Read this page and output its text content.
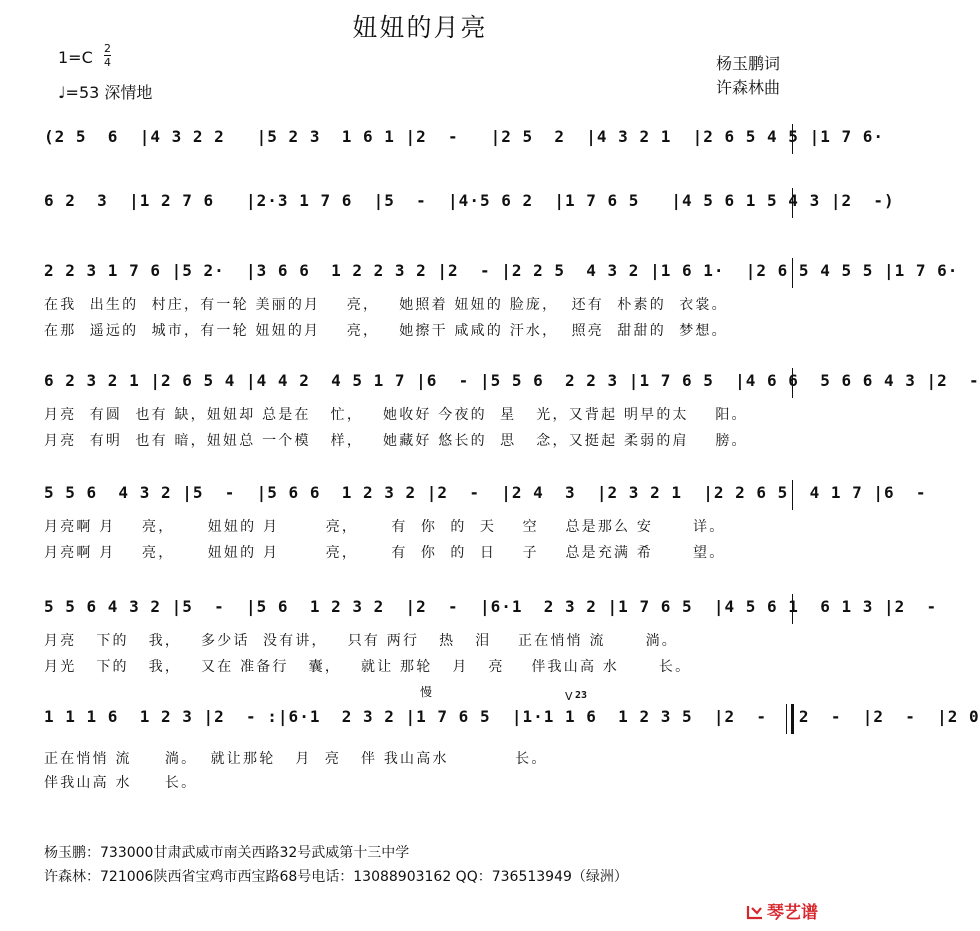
妞妞的月亮
1=C 2
4
♩=53 深情地
杨玉鹏词
许森林曲
(2 5  6  |4 3 2 2   |5 2 3  1 6 1 |2  -   |2 5  2  |4 3 2 1  |2 6 5 4 5 |1 7 6·
6 2  3  |1 2 7 6   |2·3 1 7 6  |5  -  |4·5 6 2  |1 7 6 5   |4 5 6 1 5 4 3 |2  -)
2 2 3 1 7 6 |5 2·  |3 6 6  1 2 2 3 2 |2  - |2 2 5  4 3 2 |1 6 1·  |2 6 5 4 5 5 |1 7 6·
6 2 3 2 1 |2 6 5 4 |4 4 2  4 5 1 7 |6  - |5 5 6  2 2 3 |1 7 6 5  |4 6 6  5 6 6 4 3 |2  -
5 5 6  4 3 2 |5  -  |5 6 6  1 2 3 2 |2  -  |2 4  3  |2 3 2 1  |2 2 6 5  4 1 7 |6  -
5 5 6 4 3 2 |5  -  |5 6  1 2 3 2  |2  -  |6·1  2 3 2 |1 7 6 5  |4 5 6 1  6 1 3 |2  -
1 1 1 6  1 2 3 |2  - :|6·1  2 3 2 |1 7 6 5  |1·1 1 6  1 2 3 5  |2  -  |2  -  |2  -  |2 0
慢	V 23
在我  出生的  村庄，有一轮 美丽的月    亮，   她照着 妞妞的 脸庞，  还有  朴素的  衣裳。
在那  遥远的  城市，有一轮 妞妞的月    亮，   她擦干 咸咸的 汗水，  照亮  甜甜的  梦想。
月亮  有圆  也有 缺，妞妞却 总是在   忙，   她收好 今夜的  星   光，又背起 明早的太    阳。
月亮  有明  也有 暗，妞妞总 一个模   样，   她藏好 悠长的  思   念，又挺起 柔弱的肩    膀。
月亮啊 月    亮，     妞妞的 月       亮，     有  你  的  天    空    总是那么 安      详。
月亮啊 月    亮，     妞妞的 月       亮，     有  你  的  日    子    总是充满 希      望。
月亮   下的   我，   多少话  没有讲，   只有 两行   热   泪    正在悄悄 流      淌。
月光   下的   我，   又在 准备行   囊，   就让 那轮   月   亮    伴我山高 水      长。
正在悄悄 流     淌。  就让那轮   月  亮   伴 我山高水          长。
伴我山高 水     长。
杨玉鹏：733000甘肃武威市南关西路32号武威第十三中学
许森林：721006陕西省宝鸡市西宝路68号电话：13088903162 QQ：736513949（绿洲）
琴艺谱
